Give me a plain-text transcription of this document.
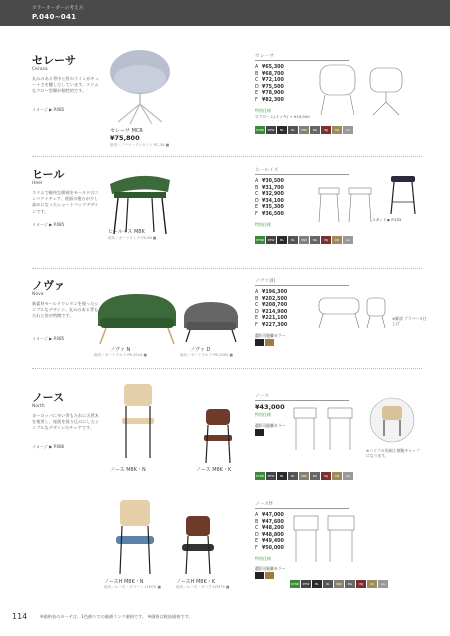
カラーオーダーの考え方
P.040~041
セレーサ
Ceraza
丸みのある背中と肘のラインがキュートさを醸しだしています。スリムなクロー型脚が個性的です。
イメージ ▶ P.085
セレーサ MCR
¥75,800
座布／ノーマ・プレゼント PC-58 ■
セレーサ
A ¥65,300
B ¥68,700
C ¥72,100
D ¥75,500
E ¥78,900
F ¥82,300
特別仕様
ロクローム(メッキ) + ¥19,500
STND	RTW	BL	RL	MW	BG	WJ	CR	LG
ヒール
Heel
スリムで軽快な脚部をモールドのコンパクトチェア。座面の後ろが少し高めになったショートバックデザインです。
イメージ ▶ P.085
ヒールイス M8K
座布／ガードリング PS-48 ■
ヒールイス
A ¥30,500
B ¥31,700
C ¥32,900
D ¥34,100
E ¥35,300
F ¥36,500
特別仕様
スタンド ▶ P.153
STND	RTW	BL	RL	MW	BG	WJ	CR	LG
ノヴァ
Nova
新素材モールドウレタンを使ったシンプルなデザイン。丸みのある背もたれと肘が特徴です。
イメージ ▶ P.085
ノヴァ N
座布／ボートラルド PR-2014 ■
ノヴァ D
座布／ボートラルド PR-2002 ■
ノヴァ(ⅱ)
A ¥196,300
B ¥202,500
C ¥208,700
D ¥214,900
E ¥221,100
F ¥227,300
選択可能脚カラー
※脚部 ブラバール仕上げ
ノース
North
ヨーロッパに多い背もたれに天然木を使用し、座面を張り込みにしたシンプルなデザインのチェアです。
イメージ ▶ P.086
ノース M8K・N	ノース M8K・K
ノース
¥43,000
特別仕様
選択可能脚カラー
※パイプの先端は 樹脂キャップになります。
STND	RTW	BL	RL	MW	BG	WJ	CR	LG
ノースH M8K・N
座布／ルーモ・グリーン LFM70 ■
ノースH M8K・K
座布／ルーモ・ダーク LFM70 ■
ノースH
A ¥47,000
B ¥47,600
C ¥48,200
D ¥48,800
E ¥49,400
F ¥50,000
特別仕様
選択可能脚カラー
STND	RTW	BL	RL	MW	BG	WJ	CR	LG
114	※価格表のカーテは、1色値りでの価値ランク価格です。 ※価格は税抜価格です。
